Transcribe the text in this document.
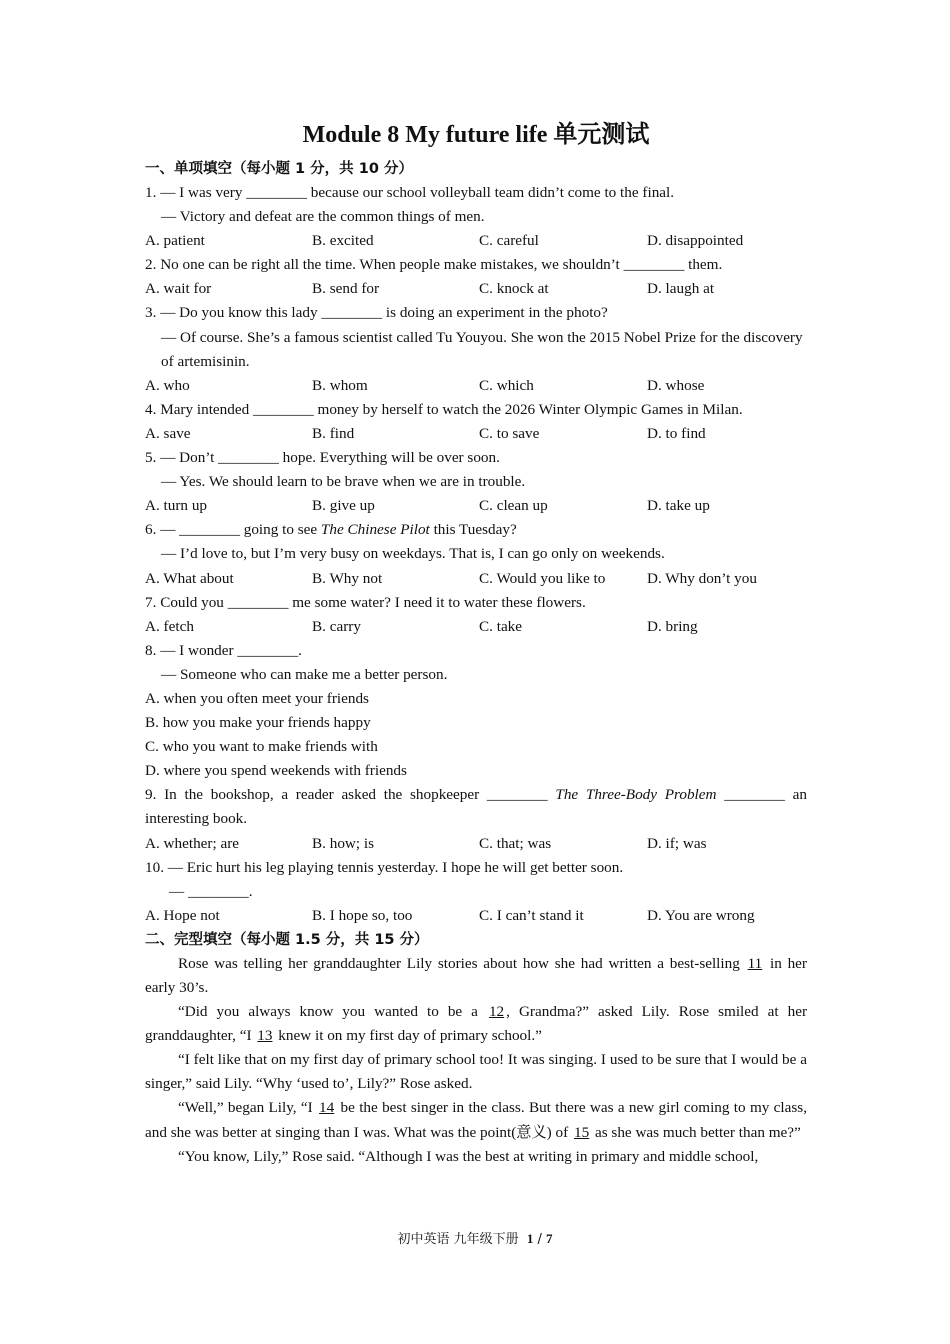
Module 8 My future life 单元测试
一、单项填空（每小题 1 分，共 10 分）
1. — I was very ________ because our school volleyball team didn’t come to the final.
— Victory and defeat are the common things of men.
A. patient	B. excited	C. careful	D. disappointed
2. No one can be right all the time. When people make mistakes, we shouldn’t ________ them.
A. wait for	B. send for	C. knock at	D. laugh at
3. — Do you know this lady ________ is doing an experiment in the photo?
— Of course. She’s a famous scientist called Tu Youyou. She won the 2015 Nobel Prize for the discovery of artemisinin.
A. who	B. whom	C. which	D. whose
4. Mary intended ________ money by herself to watch the 2026 Winter Olympic Games in Milan.
A. save	B. find	C. to save	D. to find
5. — Don’t ________ hope. Everything will be over soon.
— Yes. We should learn to be brave when we are in trouble.
A. turn up	B. give up	C. clean up	D. take up
6. — ________ going to see The Chinese Pilot this Tuesday?
— I’d love to, but I’m very busy on weekdays. That is, I can go only on weekends.
A. What about	B. Why not	C. Would you like to	D. Why don’t you
7. Could you ________ me some water? I need it to water these flowers.
A. fetch	B. carry	C. take	D. bring
8. — I wonder ________.
— Someone who can make me a better person.
A. when you often meet your friends
B. how you make your friends happy
C. who you want to make friends with
D. where you spend weekends with friends
9. In the bookshop, a reader asked the shopkeeper ________ The Three-Body Problem ________ an interesting book.
A. whether; are	B. how; is	C. that; was	D. if; was
10. — Eric hurt his leg playing tennis yesterday. I hope he will get better soon.
— ________.
A. Hope not	B. I hope so, too	C. I can’t stand it	D. You are wrong
二、完型填空（每小题 1.5 分，共 15 分）
Rose was telling her granddaughter Lily stories about how she had written a best-selling 11 in her early 30’s.
“Did you always know you wanted to be a 12 , Grandma?” asked Lily. Rose smiled at her granddaughter, “I 13 knew it on my first day of primary school.”
“I felt like that on my first day of primary school too! It was singing. I used to be sure that I would be a singer,” said Lily. “Why ‘used to’, Lily?” Rose asked.
“Well,” began Lily, “I 14 be the best singer in the class. But there was a new girl coming to my class, and she was better at singing than I was. What was the point(意义) of 15 as she was much better than me?”
“You know, Lily,” Rose said. “Although I was the best at writing in primary and middle school,
初中英语 九年级下册 1 / 7
